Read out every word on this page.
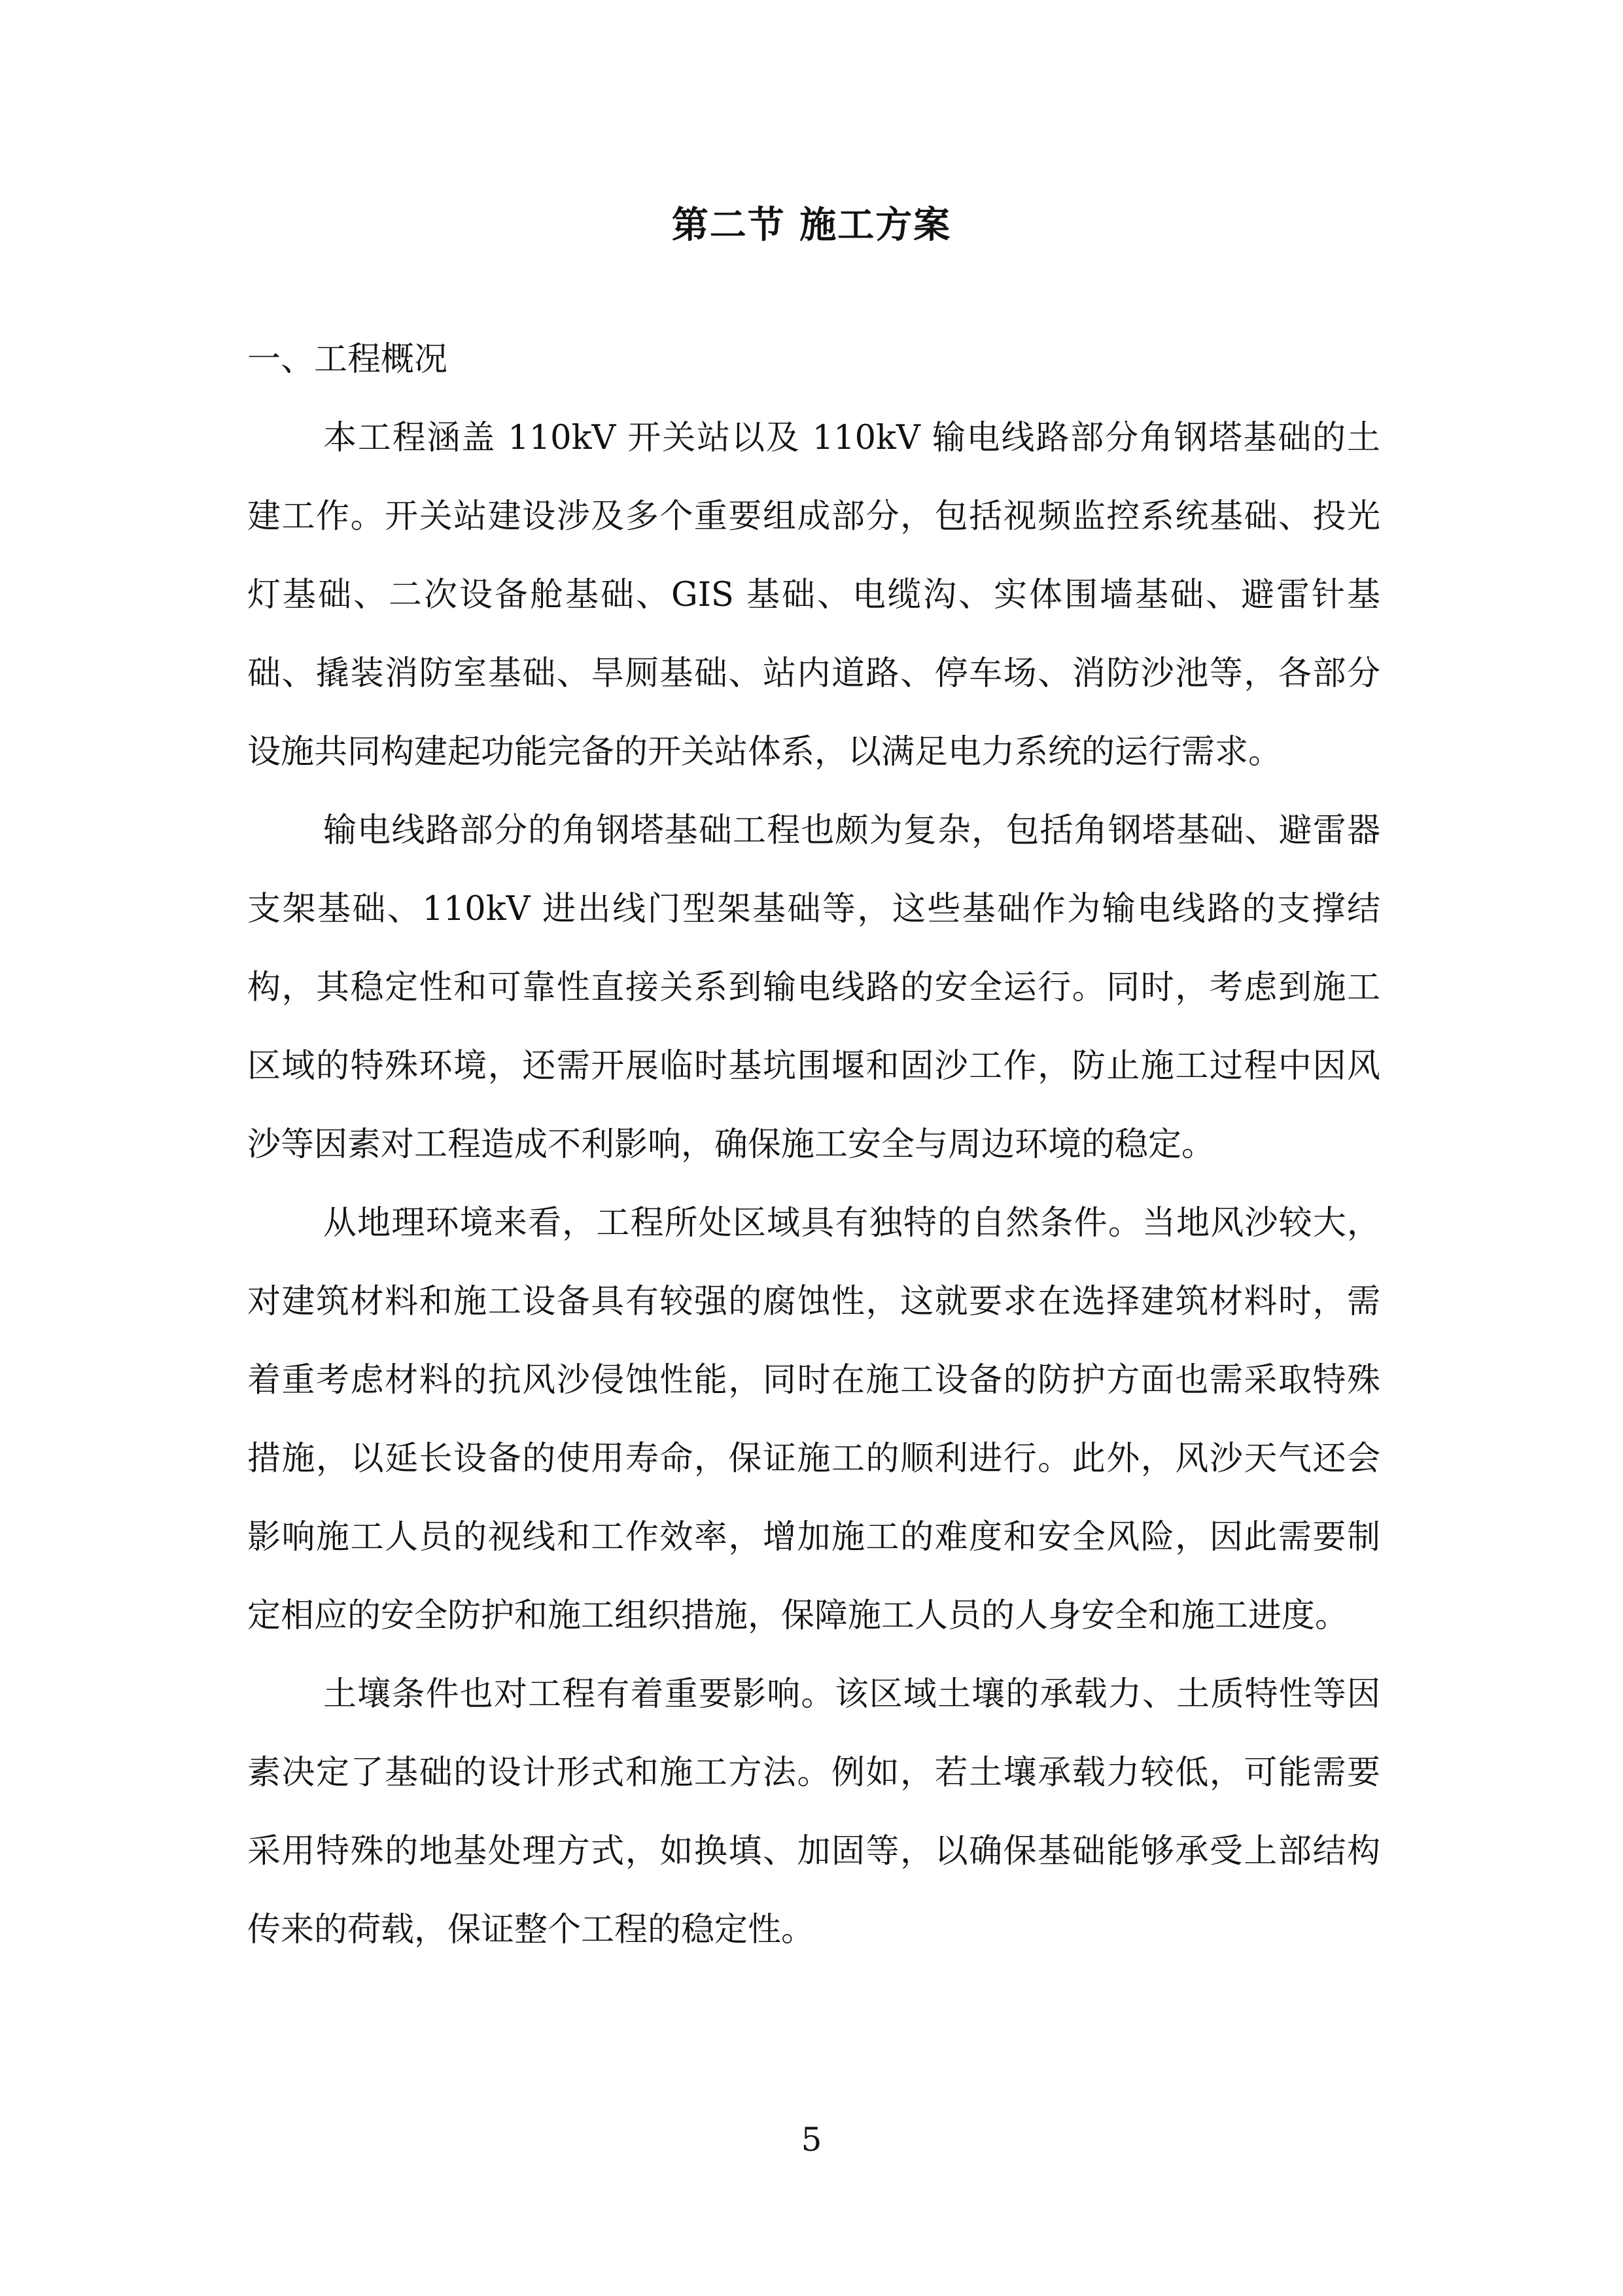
第二节 施工方案

一、工程概况

本工程涵盖 110kV 开关站以及 110kV 输电线路部分角钢塔基础的土建工作。开关站建设涉及多个重要组成部分，包括视频监控系统基础、投光灯基础、二次设备舱基础、GIS 基础、电缆沟、实体围墙基础、避雷针基础、撬装消防室基础、旱厕基础、站内道路、停车场、消防沙池等，各部分设施共同构建起功能完备的开关站体系，以满足电力系统的运行需求。

输电线路部分的角钢塔基础工程也颇为复杂，包括角钢塔基础、避雷器支架基础、110kV 进出线门型架基础等，这些基础作为输电线路的支撑结构，其稳定性和可靠性直接关系到输电线路的安全运行。同时，考虑到施工区域的特殊环境，还需开展临时基坑围堰和固沙工作，防止施工过程中因风沙等因素对工程造成不利影响，确保施工安全与周边环境的稳定。

从地理环境来看，工程所处区域具有独特的自然条件。当地风沙较大，对建筑材料和施工设备具有较强的腐蚀性，这就要求在选择建筑材料时，需着重考虑材料的抗风沙侵蚀性能，同时在施工设备的防护方面也需采取特殊措施，以延长设备的使用寿命，保证施工的顺利进行。此外，风沙天气还会影响施工人员的视线和工作效率，增加施工的难度和安全风险，因此需要制定相应的安全防护和施工组织措施，保障施工人员的人身安全和施工进度。

土壤条件也对工程有着重要影响。该区域土壤的承载力、土质特性等因素决定了基础的设计形式和施工方法。例如，若土壤承载力较低，可能需要采用特殊的地基处理方式，如换填、加固等，以确保基础能够承受上部结构传来的荷载，保证整个工程的稳定性。

5
